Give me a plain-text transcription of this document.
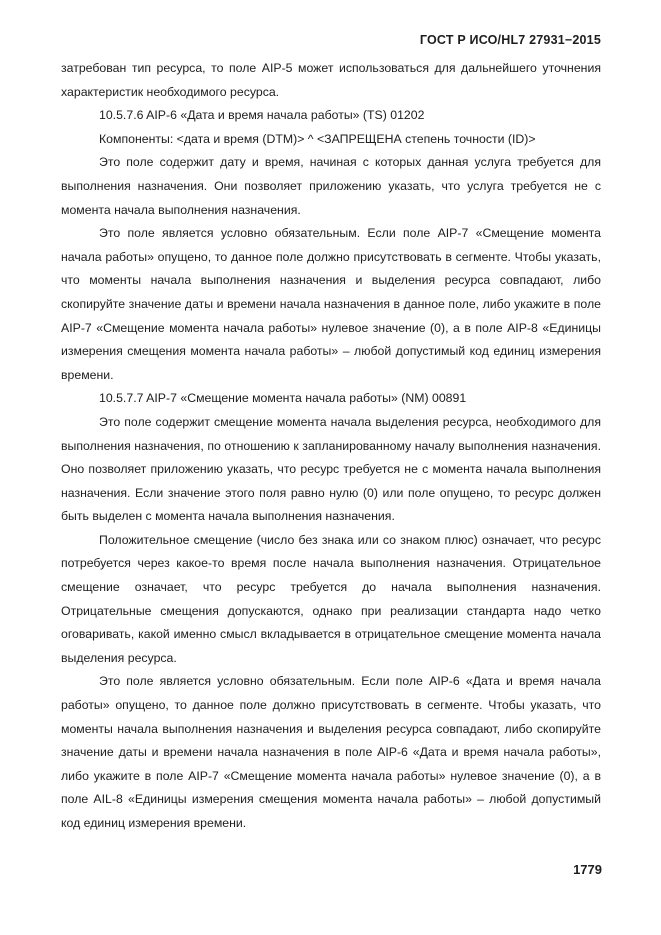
ГОСТ Р ИСО/HL7 27931−2015

затребован тип ресурса, то поле AIP-5 может использоваться для дальнейшего уточнения характеристик необходимого ресурса.

10.5.7.6 AIP-6 «Дата и время начала работы» (TS) 01202

Компоненты: <дата и время (DTM)> ^ <ЗАПРЕЩЕНА степень точности (ID)>

Это поле содержит дату и время, начиная с которых данная услуга требуется для выполнения назначения. Они позволяет приложению указать, что услуга требуется не с момента начала выполнения назначения.

Это поле является условно обязательным. Если поле AIP-7 «Смещение момента начала работы» опущено, то данное поле должно присутствовать в сегменте. Чтобы указать, что моменты начала выполнения назначения и выделения ресурса совпадают, либо скопируйте значение даты и времени начала назначения в данное поле, либо укажите в поле AIP-7 «Смещение момента начала работы» нулевое значение (0), а в поле AIP-8 «Единицы измерения смещения момента начала работы» – любой допустимый код единиц измерения времени.

10.5.7.7 AIP-7 «Смещение момента начала работы» (NM) 00891

Это поле содержит смещение момента начала выделения ресурса, необходимого для выполнения назначения, по отношению к запланированному началу выполнения назначения. Оно позволяет приложению указать, что ресурс требуется не с момента начала выполнения назначения. Если значение этого поля равно нулю (0) или поле опущено, то ресурс должен быть выделен с момента начала выполнения назначения.

Положительное смещение (число без знака или со знаком плюс) означает, что ресурс потребуется через какое-то время после начала выполнения назначения. Отрицательное смещение означает, что ресурс требуется до начала выполнения назначения. Отрицательные смещения допускаются, однако при реализации стандарта надо четко оговаривать, какой именно смысл вкладывается в отрицательное смещение момента начала выделения ресурса.

Это поле является условно обязательным. Если поле AIP-6 «Дата и время начала работы» опущено, то данное поле должно присутствовать в сегменте. Чтобы указать, что моменты начала выполнения назначения и выделения ресурса совпадают, либо скопируйте значение даты и времени начала назначения в поле AIP-6 «Дата и время начала работы», либо укажите в поле AIP-7 «Смещение момента начала работы» нулевое значение (0), а в поле AIL-8 «Единицы измерения смещения момента начала работы» – любой допустимый код единиц измерения времени.

1779
